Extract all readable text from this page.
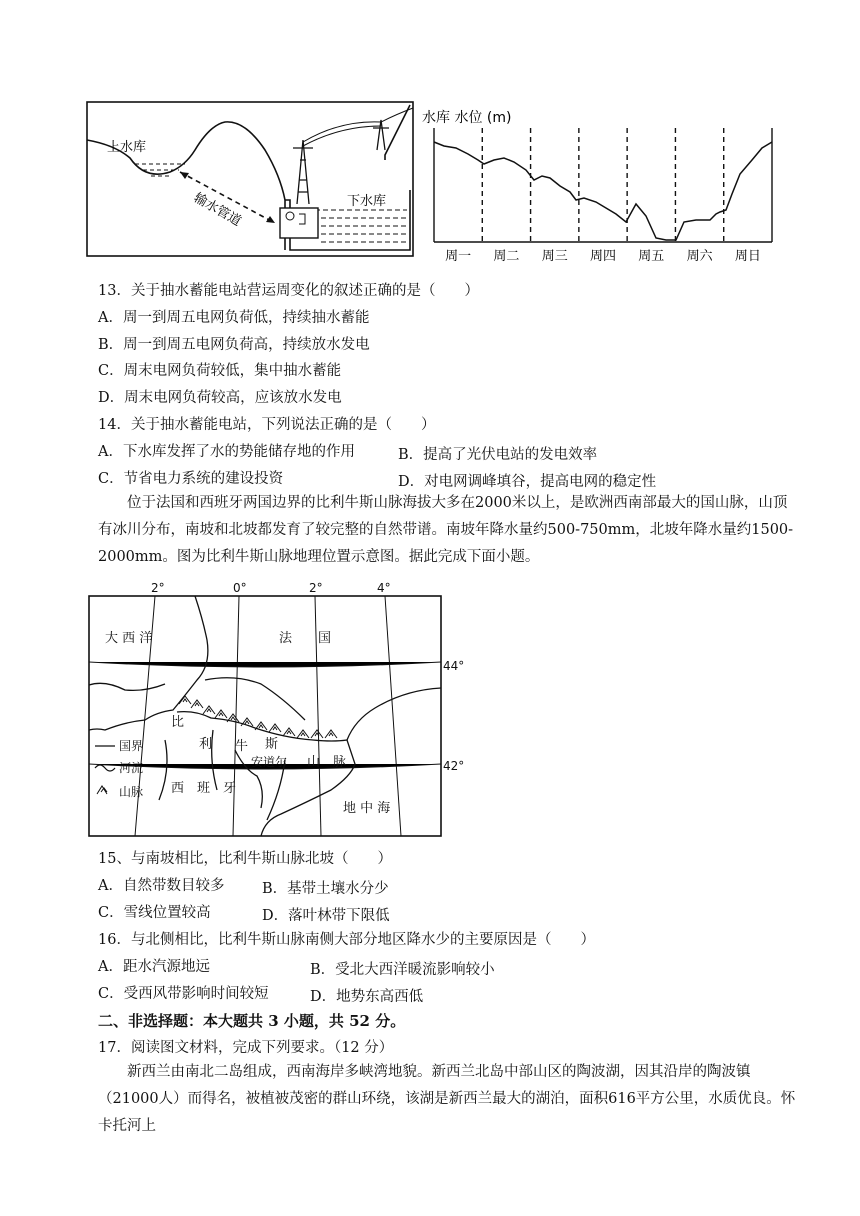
上水库
下水库
输水管道
水库 水位 (m)
周一 周二 周三 周四 周五 周六 周日
13．关于抽水蓄能电站营运周变化的叙述正确的是（　　）
A．周一到周五电网负荷低，持续抽水蓄能
B．周一到周五电网负荷高，持续放水发电
C．周末电网负荷较低，集中抽水蓄能
D．周末电网负荷较高，应该放水发电
14．关于抽水蓄能电站，下列说法正确的是（　　）
A．下水库发挥了水的势能储存地的作用	B．提高了光伏电站的发电效率
C．节省电力系统的建设投资	D．对电网调峰填谷，提高电网的稳定性
位于法国和西班牙两国边界的比利牛斯山脉海拔大多在2000米以上，是欧洲西南部最大的国山脉，山顶有冰川分布，南坡和北坡都发育了较完整的自然带谱。南坡年降水量约500-750mm，北坡年降水量约1500-2000mm。图为比利牛斯山脉地理位置示意图。据此完成下面小题。
2°	0°	2°	4°
44°
42°
大 西 洋	法　　国
比
利 牛 斯
山 脉
安道尔
西　班　牙
地 中 海
国界
河流
山脉
15、与南坡相比，比利牛斯山脉北坡（　　）
A．自然带数目较多	B．基带土壤水分少
C．雪线位置较高	D．落叶林带下限低
16．与北侧相比，比利牛斯山脉南侧大部分地区降水少的主要原因是（　　）
A．距水汽源地远	B．受北大西洋暖流影响较小
C．受西风带影响时间较短	D．地势东高西低
二、非选择题：本大题共 3 小题，共 52 分。
17．阅读图文材料，完成下列要求。（12 分）
新西兰由南北二岛组成，西南海岸多峡湾地貌。新西兰北岛中部山区的陶波湖，因其沿岸的陶波镇（21000人）而得名，被植被茂密的群山环绕，该湖是新西兰最大的湖泊，面积616平方公里，水质优良。怀卡托河上
